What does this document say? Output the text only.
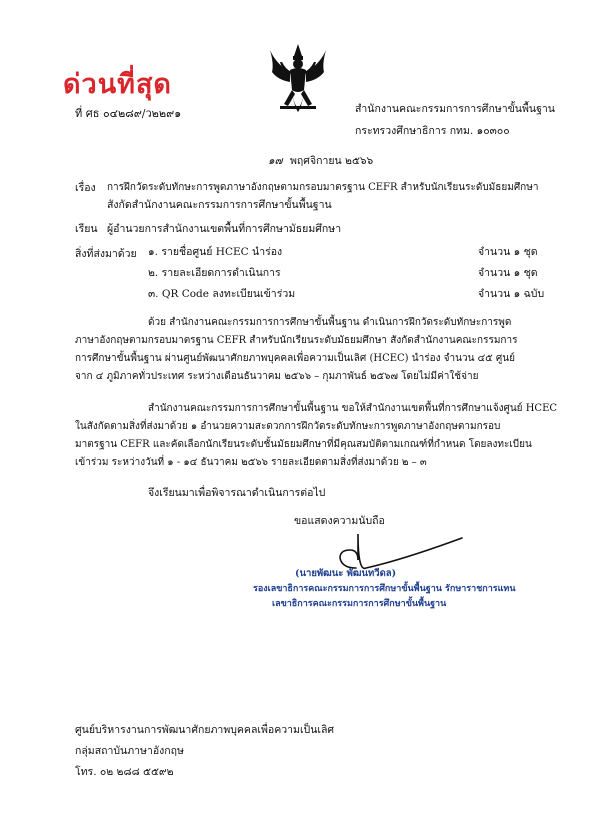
ด่วนที่สุด
ที่ ศธ ๐๔๒๘๙/ว๒๒๙๑	สำนักงานคณะกรรมการการศึกษาขั้นพื้นฐาน
กระทรวงศึกษาธิการ กทม. ๑๐๓๐๐
๑๗ พฤศจิกายน ๒๕๖๖
เรื่อง การฝึกวัดระดับทักษะการพูดภาษาอังกฤษตามกรอบมาตรฐาน CEFR สำหรับนักเรียนระดับมัธยมศึกษา
สังกัดสำนักงานคณะกรรมการการศึกษาขั้นพื้นฐาน
เรียน ผู้อำนวยการสำนักงานเขตพื้นที่การศึกษามัธยมศึกษา
สิ่งที่ส่งมาด้วย ๑. รายชื่อศูนย์ HCEC นำร่อง	จำนวน ๑ ชุด
๒. รายละเอียดการดำเนินการ	จำนวน ๑ ชุด
๓. QR Code ลงทะเบียนเข้าร่วม	จำนวน ๑ ฉบับ
ด้วย สำนักงานคณะกรรมการการศึกษาขั้นพื้นฐาน ดำเนินการฝึกวัดระดับทักษะการพูด
ภาษาอังกฤษตามกรอบมาตรฐาน CEFR สำหรับนักเรียนระดับมัธยมศึกษา สังกัดสำนักงานคณะกรรมการ
การศึกษาขั้นพื้นฐาน ผ่านศูนย์พัฒนาศักยภาพบุคคลเพื่อความเป็นเลิศ (HCEC) นำร่อง จำนวน ๔๕ ศูนย์
จาก ๔ ภูมิภาคทั่วประเทศ ระหว่างเดือนธันวาคม ๒๕๖๖ – กุมภาพันธ์ ๒๕๖๗ โดยไม่มีค่าใช้จ่าย
สำนักงานคณะกรรมการการศึกษาขั้นพื้นฐาน ขอให้สำนักงานเขตพื้นที่การศึกษาแจ้งศูนย์ HCEC
ในสังกัดตามสิ่งที่ส่งมาด้วย ๑ อำนวยความสะดวกการฝึกวัดระดับทักษะการพูดภาษาอังกฤษตามกรอบ
มาตรฐาน CEFR และคัดเลือกนักเรียนระดับชั้นมัธยมศึกษาที่มีคุณสมบัติตามเกณฑ์ที่กำหนด โดยลงทะเบียน
เข้าร่วม ระหว่างวันที่ ๑ - ๑๔ ธันวาคม ๒๕๖๖ รายละเอียดตามสิ่งที่ส่งมาด้วย ๒ – ๓
จึงเรียนมาเพื่อพิจารณาดำเนินการต่อไป
ขอแสดงความนับถือ
(นายพัฒนะ พัฒนทวีดล)
รองเลขาธิการคณะกรรมการการศึกษาขั้นพื้นฐาน รักษาราชการแทน
เลขาธิการคณะกรรมการการศึกษาขั้นพื้นฐาน
ศูนย์บริหารงานการพัฒนาศักยภาพบุคคลเพื่อความเป็นเลิศ
กลุ่มสถาบันภาษาอังกฤษ
โทร. ๐๒ ๒๘๘ ๕๕๙๒
